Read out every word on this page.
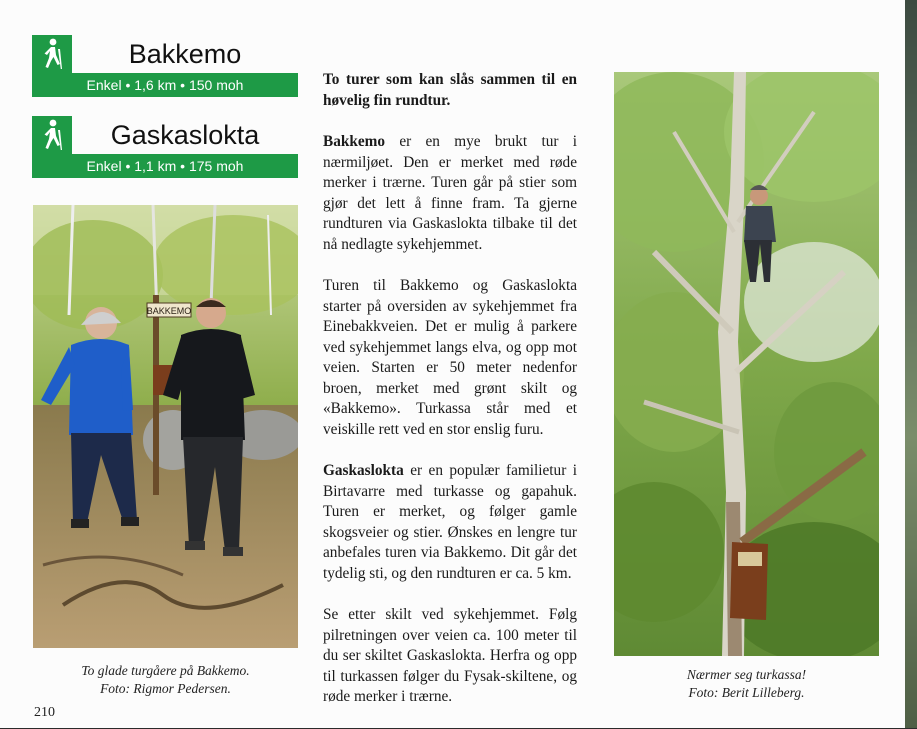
Bakkemo
Enkel • 1,6 km • 150 moh
Gaskaslokta
Enkel • 1,1 km • 175 moh
BAKKEMO
To glade turgåere på Bakkemo.
Foto: Rigmor Pedersen.

To turer som kan slås sammen til en høvelig fin rundtur.

Bakkemo er en mye brukt tur i nærmiljøet. Den er merket med røde merker i trærne. Turen går på stier som gjør det lett å finne fram. Ta gjerne rundturen via Gaskaslokta tilbake til det nå nedlagte sykehjemmet.

Turen til Bakkemo og Gaskaslokta starter på oversiden av sykehjemmet fra Einebakkveien. Det er mulig å parkere ved sykehjemmet langs elva, og opp mot veien. Starten er 50 meter nedenfor broen, merket med grønt skilt og «Bakkemo». Turkassa står med et veiskille rett ved en stor enslig furu.

Gaskaslokta er en populær familietur i Birtavarre med turkasse og gapahuk. Turen er merket, og følger gamle skogsveier og stier. Ønskes en lengre tur anbefales turen via Bakkemo. Dit går det tydelig sti, og den rundturen er ca. 5 km.

Se etter skilt ved sykehjemmet. Følg pilretningen over veien ca. 100 meter til du ser skiltet Gaskaslokta. Herfra og opp til turkassen følger du Fysak-skiltene, og røde merker i trærne.

Nærmer seg turkassa!
Foto: Berit Lilleberg.
210
